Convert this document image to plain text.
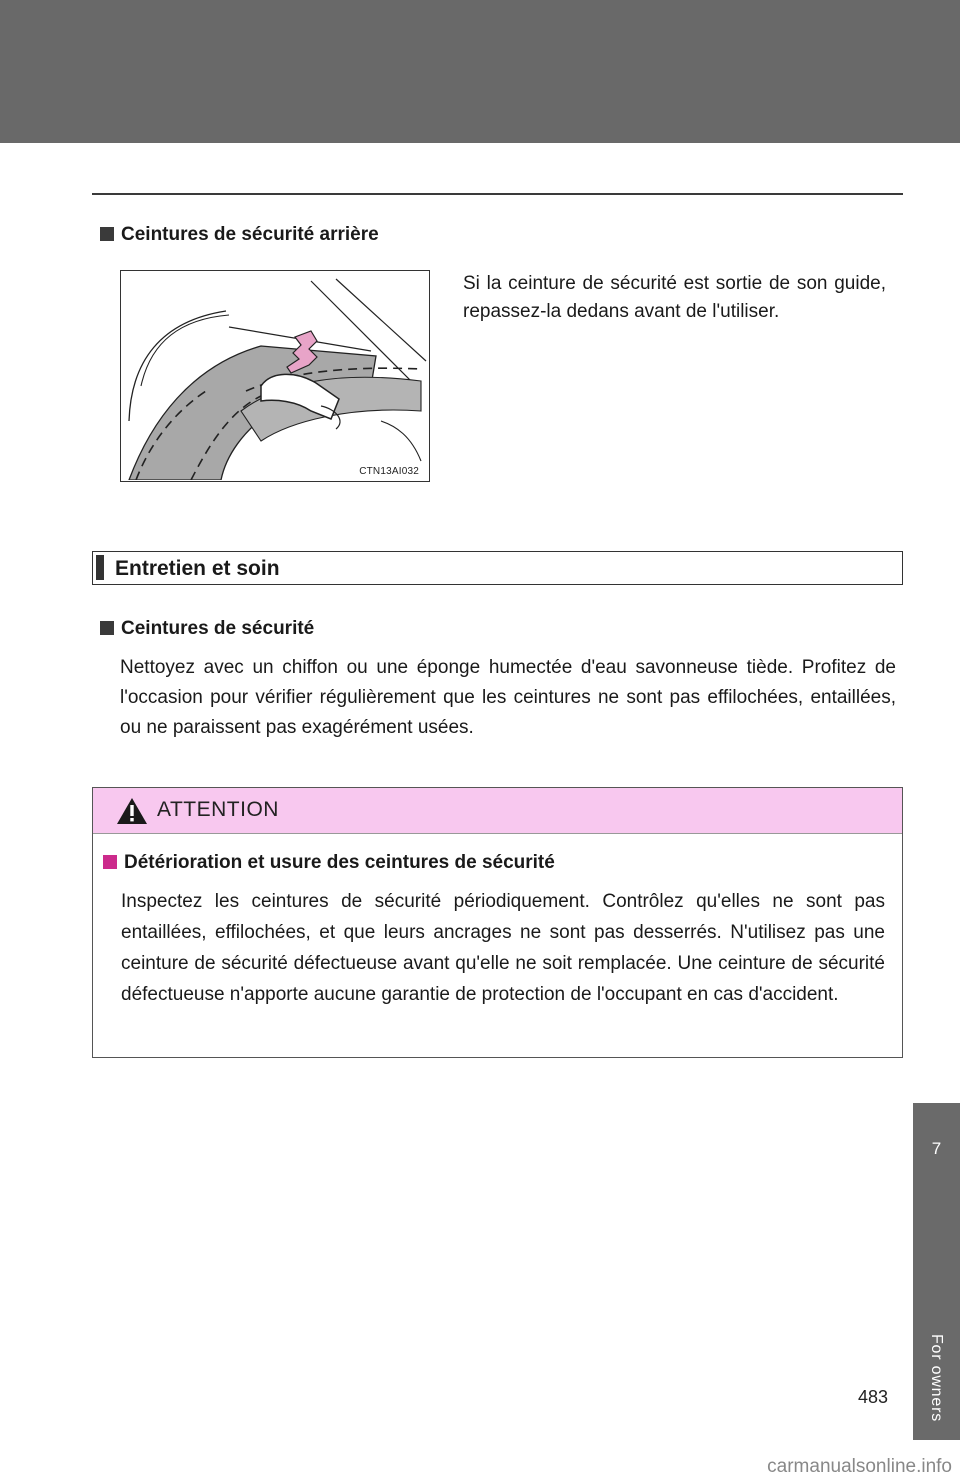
Ceintures de sécurité arrière
CTN13AI032
Si la ceinture de sécurité est sortie de son guide, repassez-la dedans avant de l'utiliser.
Entretien et soin
Ceintures de sécurité
Nettoyez avec un chiffon ou une éponge humectée d'eau savonneuse tiède. Profitez de l'occasion pour vérifier régulièrement que les ceintures ne sont pas effilochées, entaillées, ou ne paraissent pas exagérément usées.
ATTENTION
Détérioration et usure des ceintures de sécurité
Inspectez les ceintures de sécurité périodiquement. Contrôlez qu'elles ne sont pas entaillées, effilochées, et que leurs ancrages ne sont pas desserrés. N'utilisez pas une ceinture de sécurité défectueuse avant qu'elle ne soit remplacée. Une ceinture de sécurité défectueuse n'apporte aucune garantie de protection de l'occupant en cas d'accident.
7
For owners
483
carmanualsonline.info
